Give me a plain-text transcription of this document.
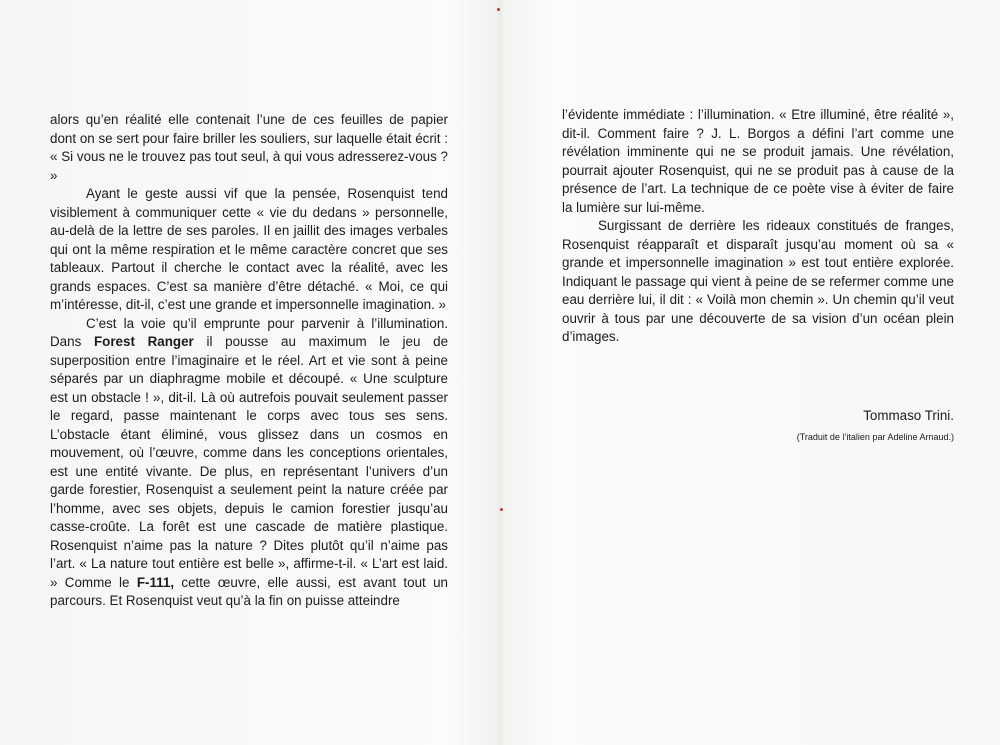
alors qu’en réalité elle contenait l’une de ces feuilles de papier dont on se sert pour faire briller les souliers, sur laquelle était écrit : « Si vous ne le trouvez pas tout seul, à qui vous adresserez-vous ? »

Ayant le geste aussi vif que la pensée, Rosenquist tend visiblement à communiquer cette « vie du dedans » personnelle, au-delà de la lettre de ses paroles. Il en jaillit des images verbales qui ont la même respiration et le même caractère concret que ses tableaux. Partout il cherche le contact avec la réalité, avec les grands espaces. C’est sa manière d’être détaché. « Moi, ce qui m’intéresse, dit-il, c’est une grande et impersonnelle imagination. »

C’est la voie qu’il emprunte pour parvenir à l’illumination. Dans Forest Ranger il pousse au maximum le jeu de superposition entre l’imaginaire et le réel. Art et vie sont à peine séparés par un diaphragme mobile et découpé. « Une sculpture est un obstacle ! », dit-il. Là où autrefois pouvait seulement passer le regard, passe maintenant le corps avec tous ses sens. L’obstacle étant éliminé, vous glissez dans un cosmos en mouvement, où l’œuvre, comme dans les conceptions orientales, est une entité vivante. De plus, en représentant l’univers d’un garde forestier, Rosenquist a seulement peint la nature créée par l’homme, avec ses objets, depuis le camion forestier jusqu’au casse-croûte. La forêt est une cascade de matière plastique. Rosenquist n’aime pas la nature ? Dites plutôt qu’il n’aime pas l’art. « La nature tout entière est belle », affirme-t-il. « L’art est laid. » Comme le F-111, cette œuvre, elle aussi, est avant tout un parcours. Et Rosenquist veut qu’à la fin on puisse atteindre

l’évidente immédiate : l’illumination. « Etre illuminé, être réalité », dit-il. Comment faire ? J. L. Borgos a défini l’art comme une révélation imminente qui ne se produit jamais. Une révélation, pourrait ajouter Rosenquist, qui ne se produit pas à cause de la présence de l’art. La technique de ce poète vise à éviter de faire la lumière sur lui-même.

Surgissant de derrière les rideaux constitués de franges, Rosenquist réapparaît et disparaît jusqu’au moment où sa « grande et impersonnelle imagination » est tout entière explorée. Indiquant le passage qui vient à peine de se refermer comme une eau derrière lui, il dit : « Voilà mon chemin ». Un chemin qu’il veut ouvrir à tous par une découverte de sa vision d’un océan plein d’images.

Tommaso Trini.
(Traduit de l’italien par Adeline Arnaud.)
